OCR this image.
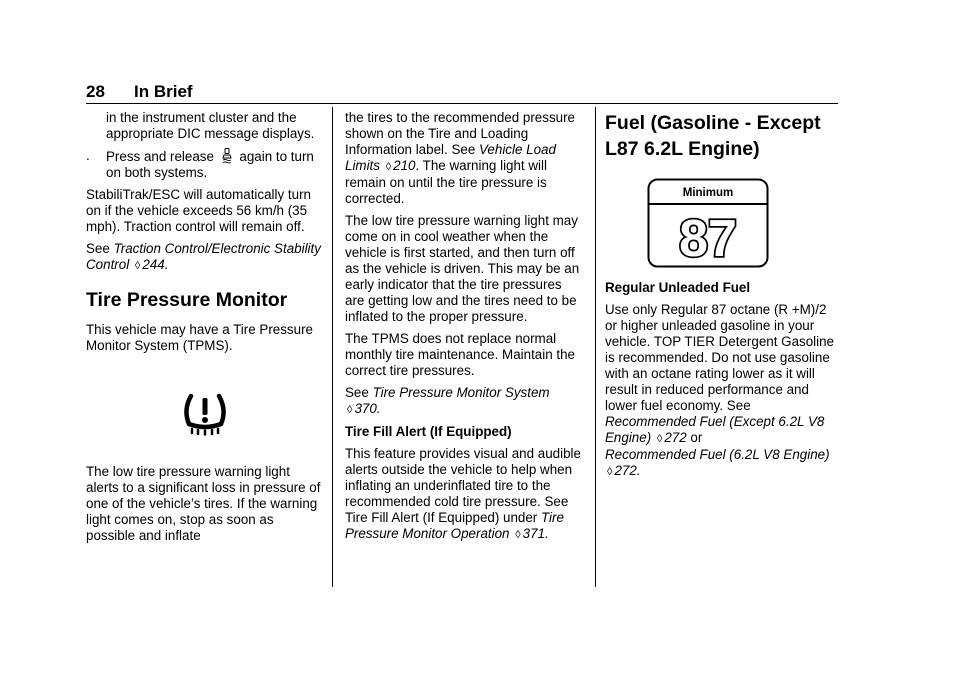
28 In Brief

in the instrument cluster and the appropriate DIC message displays.

.	Press and release again to turn on both systems.

StabiliTrak/ESC will automatically turn on if the vehicle exceeds 56 km/h (35 mph). Traction control will remain off.

See Traction Control/Electronic Stability Control ◊ 244.

Tire Pressure Monitor

This vehicle may have a Tire Pressure Monitor System (TPMS).

The low tire pressure warning light alerts to a significant loss in pressure of one of the vehicle’s tires. If the warning light comes on, stop as soon as possible and inflate

the tires to the recommended pressure shown on the Tire and Loading Information label. See Vehicle Load Limits ◊ 210. The warning light will remain on until the tire pressure is corrected.

The low tire pressure warning light may come on in cool weather when the vehicle is first started, and then turn off as the vehicle is driven. This may be an early indicator that the tire pressures are getting low and the tires need to be inflated to the proper pressure.

The TPMS does not replace normal monthly tire maintenance. Maintain the correct tire pressures.

See Tire Pressure Monitor System
◊ 370.

Tire Fill Alert (If Equipped)

This feature provides visual and audible alerts outside the vehicle to help when inflating an underinflated tire to the recommended cold tire pressure. See Tire Fill Alert (If Equipped) under Tire Pressure Monitor Operation ◊ 371.

Fuel (Gasoline - Except L87 6.2L Engine)
Minimum
87
Regular Unleaded Fuel

Use only Regular 87 octane (R +M)/2 or higher unleaded gasoline in your vehicle. TOP TIER Detergent Gasoline is recommended. Do not use gasoline with an octane rating lower as it will result in reduced performance and lower fuel economy. See
Recommended Fuel (Except 6.2L V8 Engine) ◊ 272 or
Recommended Fuel (6.2L V8 Engine) ◊ 272.
